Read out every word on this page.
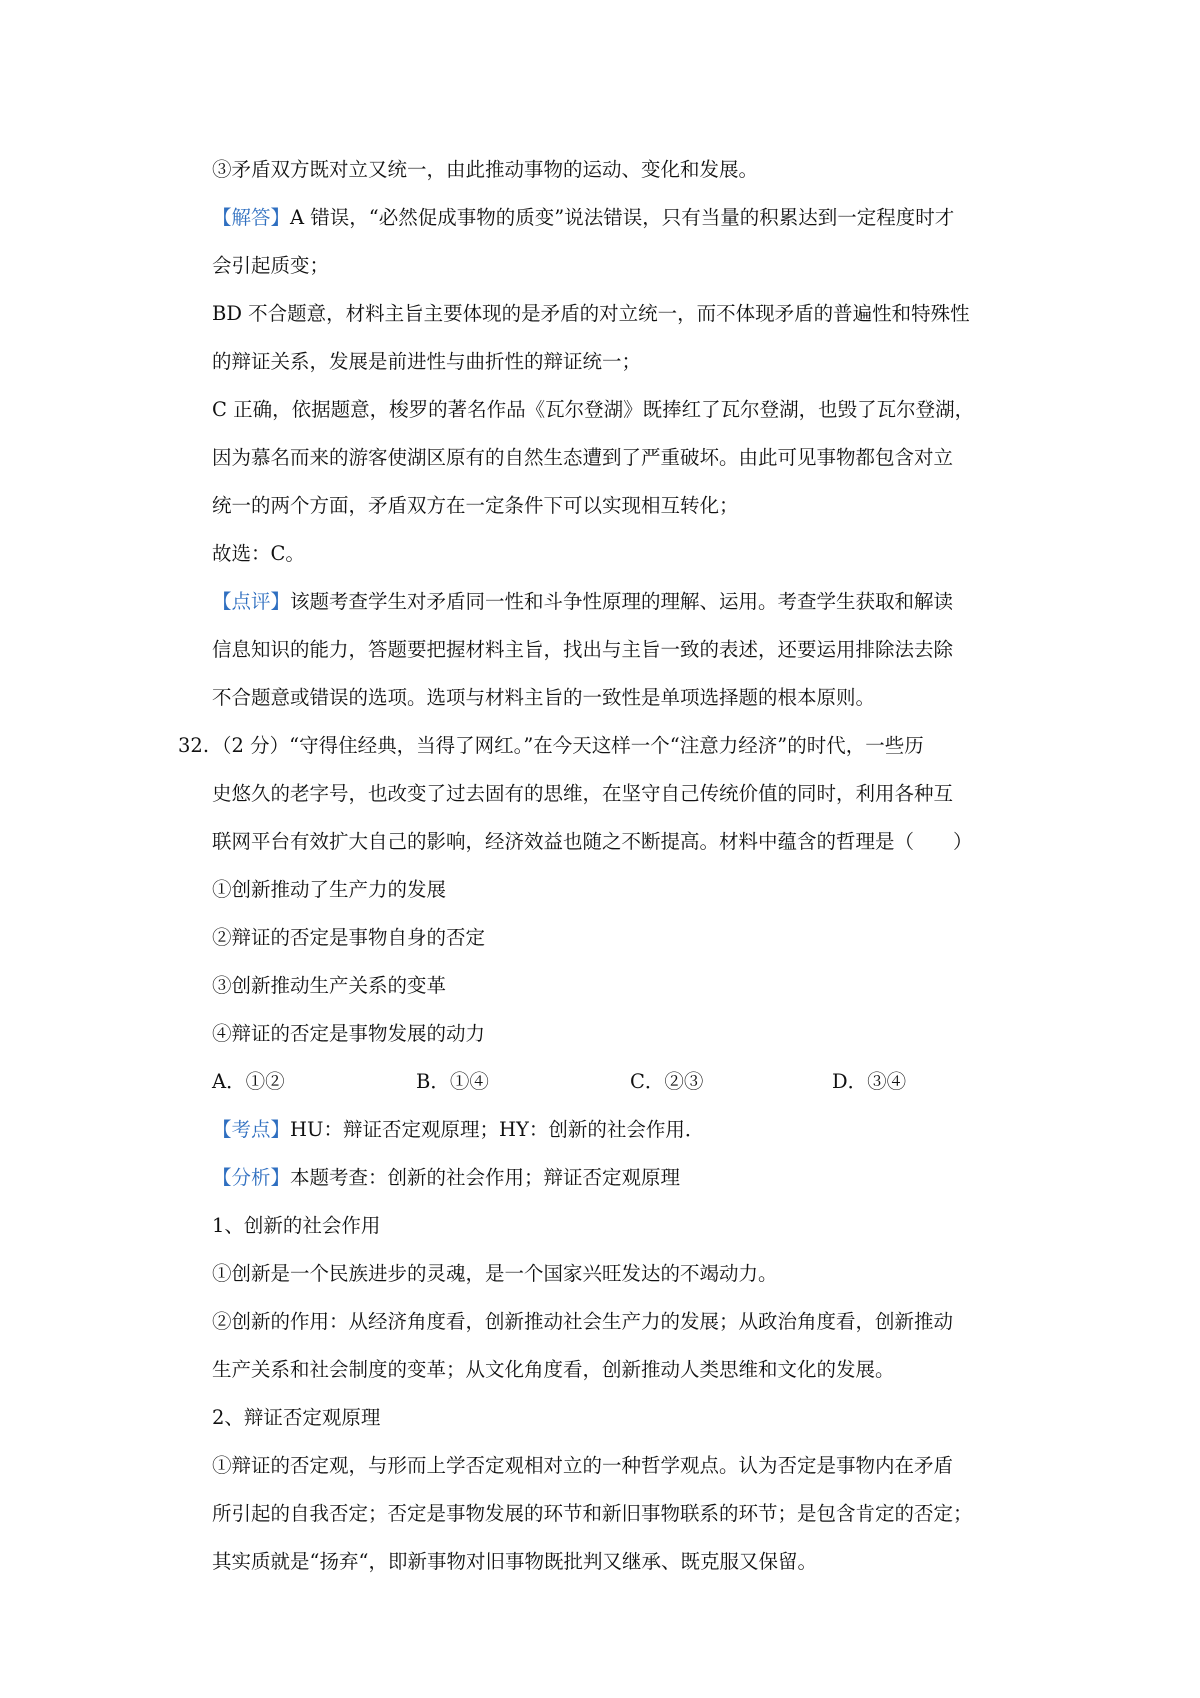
③矛盾双方既对立又统一，由此推动事物的运动、变化和发展。
【解答】A 错误，“必然促成事物的质变”说法错误，只有当量的积累达到一定程度时才
会引起质变；
BD 不合题意，材料主旨主要体现的是矛盾的对立统一，而不体现矛盾的普遍性和特殊性
的辩证关系，发展是前进性与曲折性的辩证统一；
C 正确，依据题意，梭罗的著名作品《瓦尔登湖》既捧红了瓦尔登湖，也毁了瓦尔登湖，
因为慕名而来的游客使湖区原有的自然生态遭到了严重破坏。由此可见事物都包含对立
统一的两个方面，矛盾双方在一定条件下可以实现相互转化；
故选：C。
【点评】该题考查学生对矛盾同一性和斗争性原理的理解、运用。考查学生获取和解读
信息知识的能力，答题要把握材料主旨，找出与主旨一致的表述，还要运用排除法去除
不合题意或错误的选项。选项与材料主旨的一致性是单项选择题的根本原则。
32. （2 分）“守得住经典，当得了网红。”在今天这样一个“注意力经济”的时代，一些历
史悠久的老字号，也改变了过去固有的思维，在坚守自己传统价值的同时，利用各种互
联网平台有效扩大自己的影响，经济效益也随之不断提高。材料中蕴含的哲理是（　　）
①创新推动了生产力的发展
②辩证的否定是事物自身的否定
③创新推动生产关系的变革
④辩证的否定是事物发展的动力
A．①②	B．①④	C．②③	D．③④
【考点】HU：辩证否定观原理；HY：创新的社会作用．
【分析】本题考查：创新的社会作用；辩证否定观原理
1、创新的社会作用
①创新是一个民族进步的灵魂，是一个国家兴旺发达的不竭动力。
②创新的作用：从经济角度看，创新推动社会生产力的发展；从政治角度看，创新推动
生产关系和社会制度的变革；从文化角度看，创新推动人类思维和文化的发展。
2、辩证否定观原理
①辩证的否定观，与形而上学否定观相对立的一种哲学观点。认为否定是事物内在矛盾
所引起的自我否定；否定是事物发展的环节和新旧事物联系的环节；是包含肯定的否定；
其实质就是“扬弃“，即新事物对旧事物既批判又继承、既克服又保留。
